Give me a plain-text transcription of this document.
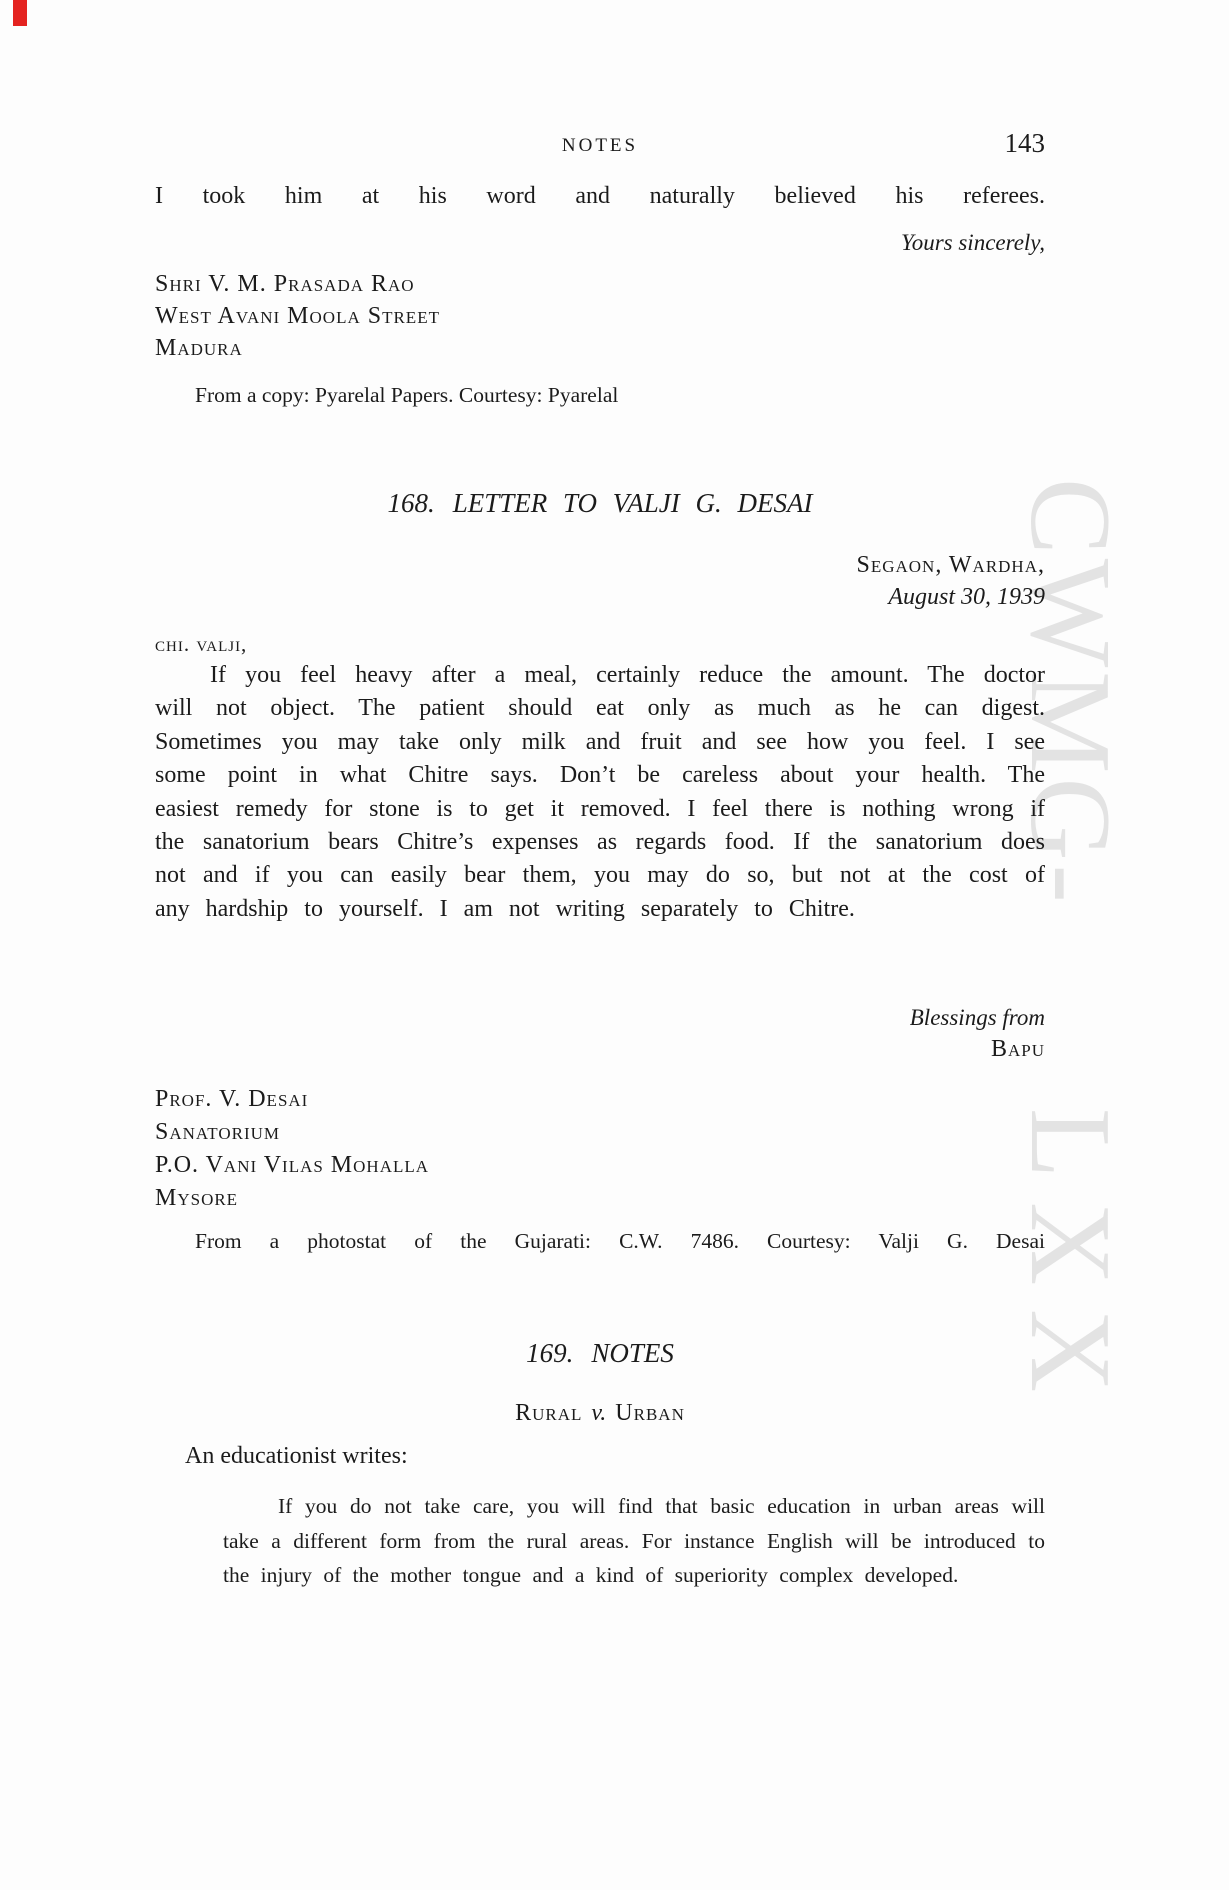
CWMG-
LXX
NOTES	143
I took him at his word and naturally believed his referees.
Yours sincerely,
Shri V. M. Prasada Rao
West Avani Moola Street
Madura
From a copy: Pyarelal Papers. Courtesy: Pyarelal
168. LETTER TO VALJI G. DESAI
Segaon, Wardha,
August 30, 1939
chi. valji,
If you feel heavy after a meal, certainly reduce the amount. The doctor will not object. The patient should eat only as much as he can digest. Sometimes you may take only milk and fruit and see how you feel. I see some point in what Chitre says. Don’t be careless about your health. The easiest remedy for stone is to get it removed. I feel there is nothing wrong if the sanatorium bears Chitre’s expenses as regards food. If the sanatorium does not and if you can easily bear them, you may do so, but not at the cost of any hardship to yourself. I am not writing separately to Chitre.
Blessings from
Bapu
Prof. V. Desai
Sanatorium
P.O. Vani Vilas Mohalla
Mysore
From a photostat of the Gujarati: C.W. 7486. Courtesy: Valji G. Desai
169. NOTES
Rural v. Urban
An educationist writes:
If you do not take care, you will find that basic education in urban areas will take a different form from the rural areas. For instance English will be introduced to the injury of the mother tongue and a kind of superiority complex developed.
